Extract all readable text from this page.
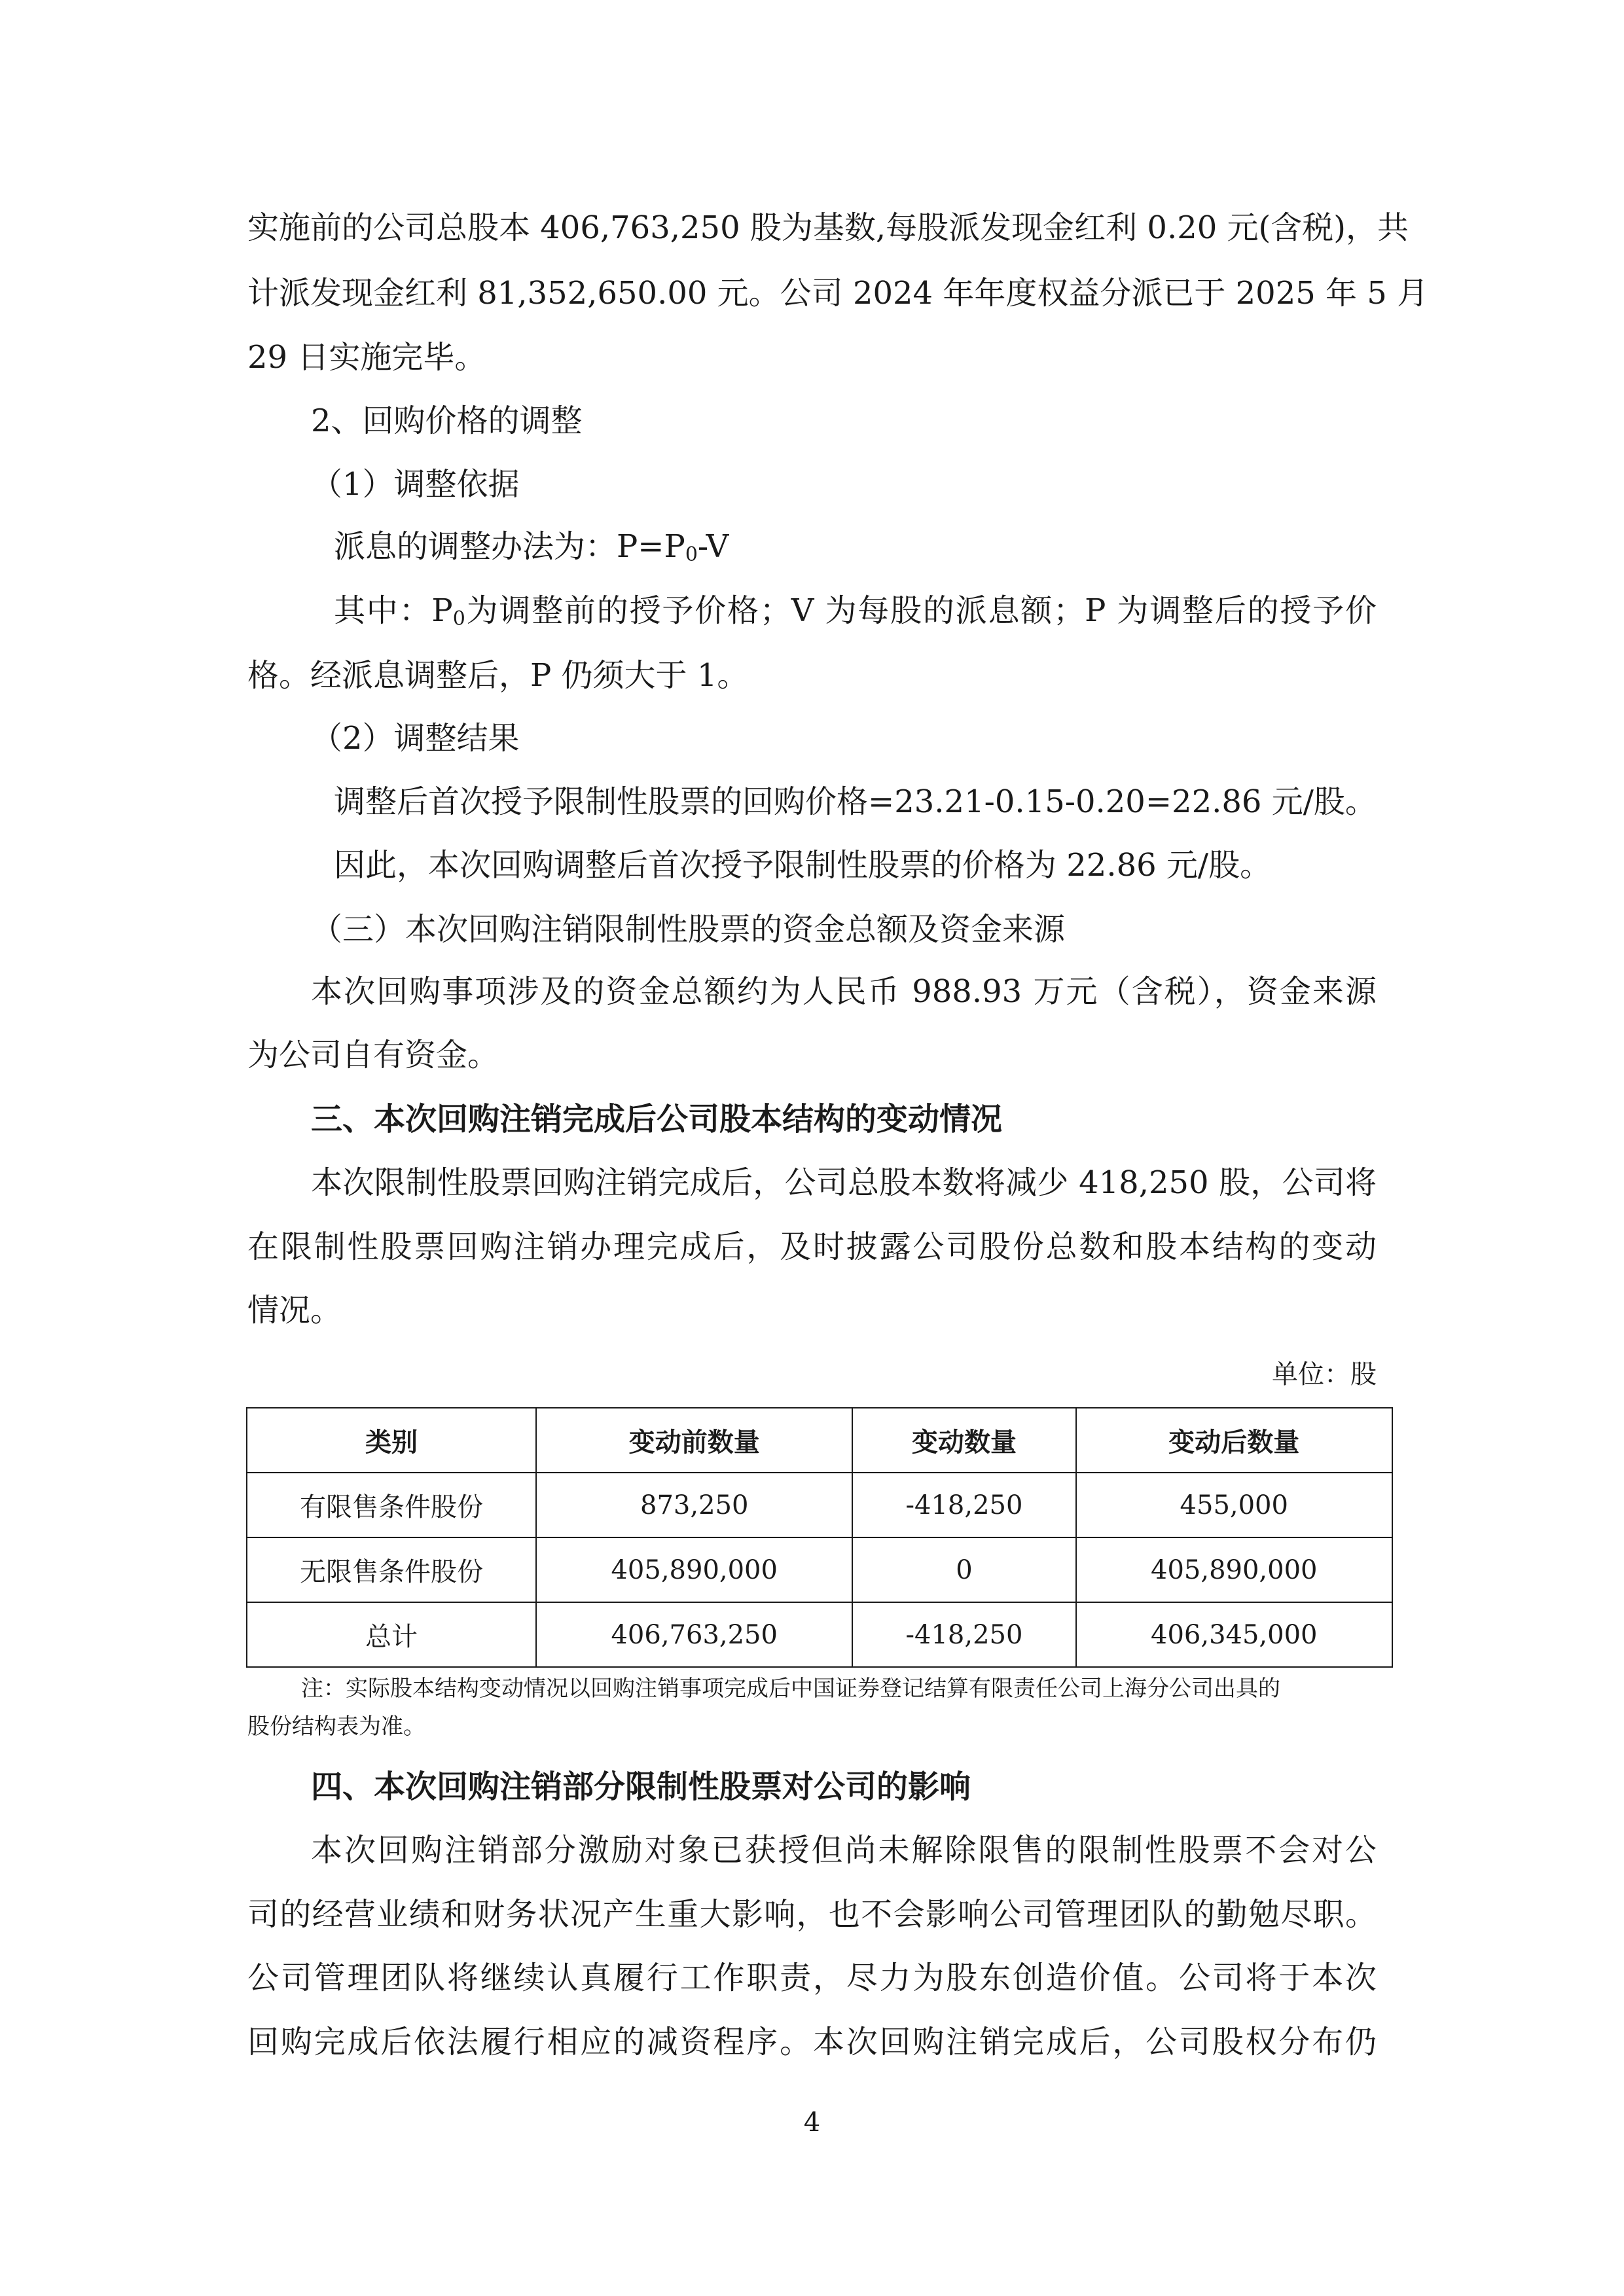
实施前的公司总股本 406,763,250 股为基数,每股派发现金红利 0.20 元(含税)，共
计派发现金红利 81,352,650.00 元。公司 2024 年年度权益分派已于 2025 年 5 月
29 日实施完毕。
2、回购价格的调整
（1）调整依据
派息的调整办法为：$P=P_0-V$
其中：$P_0$为调整前的授予价格；V 为每股的派息额；P 为调整后的授予价
格。经派息调整后，P 仍须大于 1。
（2）调整结果
调整后首次授予限制性股票的回购价格=23.21-0.15-0.20=22.86 元/股。
因此，本次回购调整后首次授予限制性股票的价格为 22.86 元/股。
（三）本次回购注销限制性股票的资金总额及资金来源
本次回购事项涉及的资金总额约为人民币 988.93 万元（含税），资金来源
为公司自有资金。
三、本次回购注销完成后公司股本结构的变动情况
本次限制性股票回购注销完成后，公司总股本数将减少 418,250 股，公司将
在限制性股票回购注销办理完成后，及时披露公司股份总数和股本结构的变动
情况。
单位：股
类别	变动前数量	变动数量	变动后数量
有限售条件股份	873,250	-418,250	455,000
无限售条件股份	405,890,000	0	405,890,000
总计	406,763,250	-418,250	406,345,000
注：实际股本结构变动情况以回购注销事项完成后中国证券登记结算有限责任公司上海分公司出具的
股份结构表为准。
四、本次回购注销部分限制性股票对公司的影响
本次回购注销部分激励对象已获授但尚未解除限售的限制性股票不会对公
司的经营业绩和财务状况产生重大影响，也不会影响公司管理团队的勤勉尽职。
公司管理团队将继续认真履行工作职责，尽力为股东创造价值。公司将于本次
回购完成后依法履行相应的减资程序。本次回购注销完成后，公司股权分布仍
4
